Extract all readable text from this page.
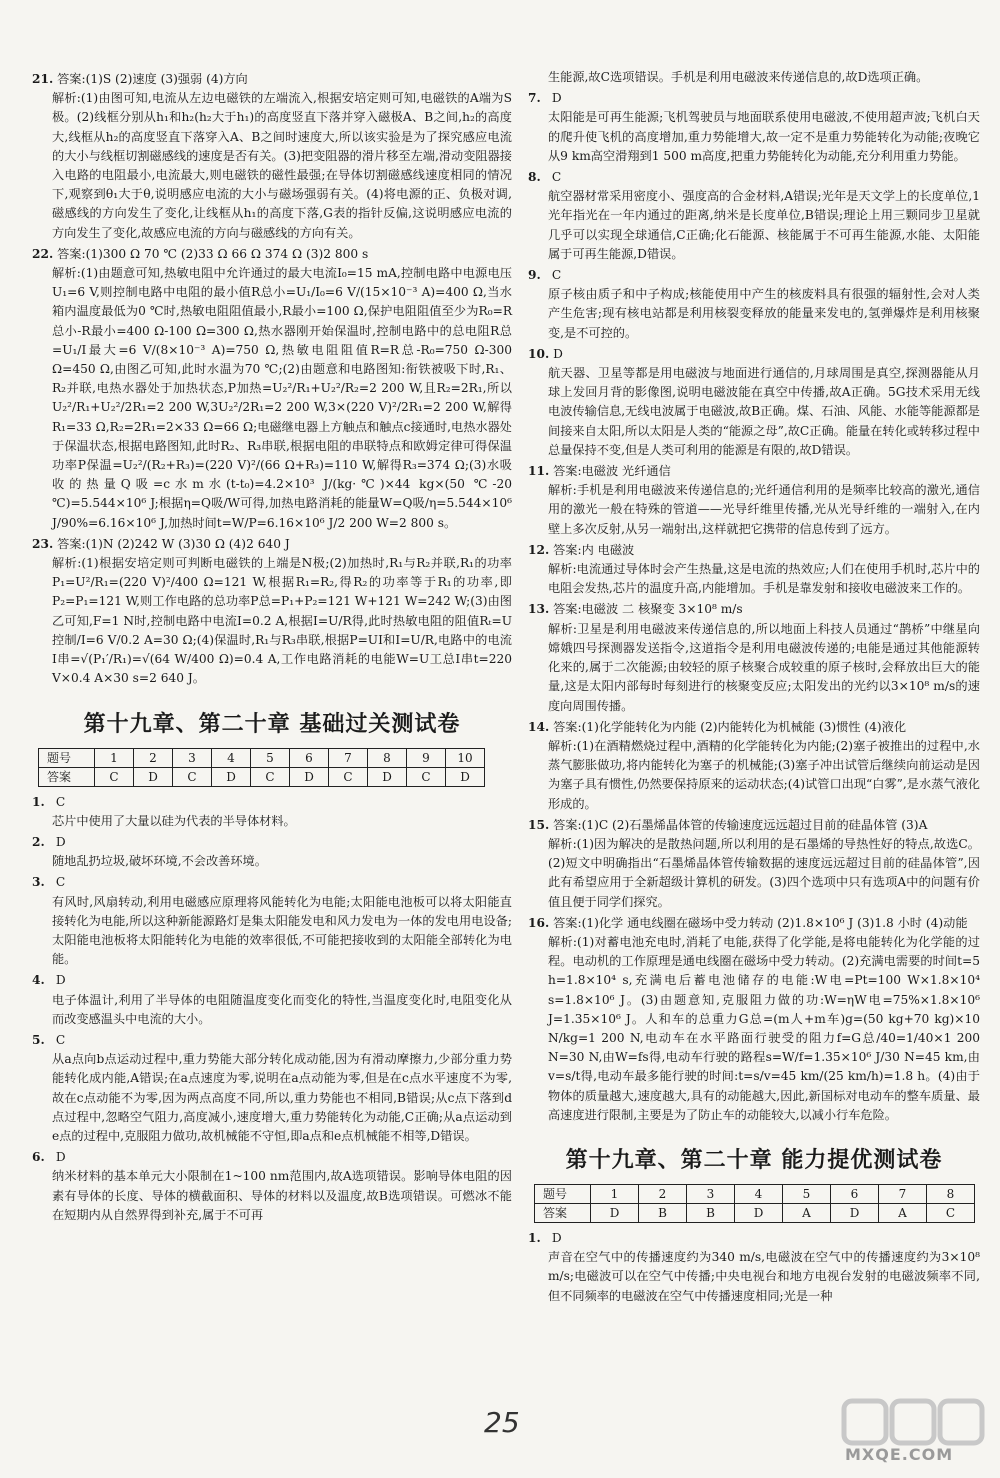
21. 答案:(1)S (2)速度 (3)强弱 (4)方向
解析:(1)由图可知,电流从左边电磁铁的左端流入,根据安培定则可知,电磁铁的A端为S极。(2)线框分别从h₁和h₂(h₂大于h₁)的高度竖直下落并穿入磁极A、B之间,h₂的高度大,线框从h₂的高度竖直下落穿入A、B之间时速度大,所以该实验是为了探究感应电流的大小与线框切割磁感线的速度是否有关。(3)把变阻器的滑片移至左端,滑动变阻器接入电路的电阻最小,电流最大,则电磁铁的磁性最强;在导体切割磁感线速度相同的情况下,观察到θ₁大于θ,说明感应电流的大小与磁场强弱有关。(4)将电源的正、负极对调,磁感线的方向发生了变化,让线框从h₁的高度下落,G表的指针反偏,这说明感应电流的方向发生了变化,故感应电流的方向与磁感线的方向有关。
22. 答案:(1)300 Ω 70 ℃ (2)33 Ω 66 Ω 374 Ω (3)2 800 s
解析:(1)由题意可知,热敏电阻中允许通过的最大电流I₀=15 mA,控制电路中电源电压U₁=6 V,则控制电路中电阻的最小值R总小=U₁/I₀=6 V/(15×10⁻³ A)=400 Ω,当水箱内温度最低为0 ℃时,热敏电阻阻值最小,R最小=100 Ω,保护电阻阻值至少为R₀=R总小-R最小=400 Ω-100 Ω=300 Ω,热水器刚开始保温时,控制电路中的总电阻R总=U₁/I最大=6 V/(8×10⁻³ A)=750 Ω,热敏电阻阻值R=R总-R₀=750 Ω-300 Ω=450 Ω,由图乙可知,此时水温为70 ℃;(2)由题意和电路图知:衔铁被吸下时,R₁、R₂并联,电热水器处于加热状态,P加热=U₂²/R₁+U₂²/R₂=2 200 W,且R₂=2R₁,所以U₂²/R₁+U₂²/2R₁=2 200 W,3U₂²/2R₁=2 200 W,3×(220 V)²/2R₁=2 200 W,解得R₁=33 Ω,R₂=2R₁=2×33 Ω=66 Ω;电磁继电器上方触点和触点c接通时,电热水器处于保温状态,根据电路图知,此时R₂、R₃串联,根据电阻的串联特点和欧姆定律可得保温功率P保温=U₂²/(R₂+R₃)=(220 V)²/(66 Ω+R₃)=110 W,解得R₃=374 Ω;(3)水吸收的热量Q吸=c水m水(t-t₀)=4.2×10³ J/(kg·℃)×44 kg×(50 ℃-20 ℃)=5.544×10⁶ J;根据η=Q吸/W可得,加热电路消耗的能量W=Q吸/η=5.544×10⁶ J/90%=6.16×10⁶ J,加热时间t=W/P=6.16×10⁶ J/2 200 W=2 800 s。
23. 答案:(1)N (2)242 W (3)30 Ω (4)2 640 J
解析:(1)根据安培定则可判断电磁铁的上端是N极;(2)加热时,R₁与R₂并联,R₁的功率P₁=U²/R₁=(220 V)²/400 Ω=121 W,根据R₁=R₂,得R₂的功率等于R₁的功率,即P₂=P₁=121 W,则工作电路的总功率P总=P₁+P₂=121 W+121 W=242 W;(3)由图乙可知,F=1 N时,控制电路中电流I=0.2 A,根据I=U/R得,此时热敏电阻的阻值Rₜ=U控制/I=6 V/0.2 A=30 Ω;(4)保温时,R₁与R₃串联,根据P=UI和I=U/R,电路中的电流I串=√(P₁′/R₁)=√(64 W/400 Ω)=0.4 A,工作电路消耗的电能W=U工总I串t=220 V×0.4 A×30 s=2 640 J。
第十九章、第二十章 基础过关测试卷
题号	1	2	3	4	5	6	7	8	9	10
答案	C	D	C	D	C	D	C	D	C	D
1. C
芯片中使用了大量以硅为代表的半导体材料。
2. D
随地乱扔垃圾,破坏环境,不会改善环境。
3. C
有风时,风扇转动,利用电磁感应原理将风能转化为电能;太阳能电池板可以将太阳能直接转化为电能,所以这种新能源路灯是集太阳能发电和风力发电为一体的发电用电设备;太阳能电池板将太阳能转化为电能的效率很低,不可能把接收到的太阳能全部转化为电能。
4. D
电子体温计,利用了半导体的电阻随温度变化而变化的特性,当温度变化时,电阻变化从而改变感温头中电流的大小。
5. C
从a点向b点运动过程中,重力势能大部分转化成动能,因为有滑动摩擦力,少部分重力势能转化成内能,A错误;在a点速度为零,说明在a点动能为零,但是在c点水平速度不为零,故在c点动能不为零,因为两点高度不同,所以,重力势能也不相同,B错误;从c点下落到d点过程中,忽略空气阻力,高度减小,速度增大,重力势能转化为动能,C正确;从a点运动到e点的过程中,克服阻力做功,故机械能不守恒,即a点和e点机械能不相等,D错误。
6. D
纳米材料的基本单元大小限制在1~100 nm范围内,故A选项错误。影响导体电阻的因素有导体的长度、导体的横截面积、导体的材料以及温度,故B选项错误。可燃冰不能在短期内从自然界得到补充,属于不可再
生能源,故C选项错误。手机是利用电磁波来传递信息的,故D选项正确。
7. D
太阳能是可再生能源;飞机驾驶员与地面联系使用电磁波,不使用超声波;飞机白天的爬升使飞机的高度增加,重力势能增大,故一定不是重力势能转化为动能;夜晚它从9 km高空滑翔到1 500 m高度,把重力势能转化为动能,充分利用重力势能。
8. C
航空器材常采用密度小、强度高的合金材料,A错误;光年是天文学上的长度单位,1光年指光在一年内通过的距离,纳米是长度单位,B错误;理论上用三颗同步卫星就几乎可以实现全球通信,C正确;化石能源、核能属于不可再生能源,水能、太阳能属于可再生能源,D错误。
9. C
原子核由质子和中子构成;核能使用中产生的核废料具有很强的辐射性,会对人类产生危害;现有核电站都是利用核裂变释放的能量来发电的,氢弹爆炸是利用核聚变,是不可控的。
10. D
航天器、卫星等都是用电磁波与地面进行通信的,月球周围是真空,探测器能从月球上发回月背的影像图,说明电磁波能在真空中传播,故A正确。5G技术采用无线电波传输信息,无线电波属于电磁波,故B正确。煤、石油、风能、水能等能源都是间接来自太阳,所以太阳是人类的“能源之母”,故C正确。能量在转化或转移过程中总量保持不变,但是人类可利用的能源是有限的,故D错误。
11. 答案:电磁波 光纤通信
解析:手机是利用电磁波来传递信息的;光纤通信利用的是频率比较高的激光,通信用的激光一般在特殊的管道——光导纤维里传播,光从光导纤维的一端射入,在内壁上多次反射,从另一端射出,这样就把它携带的信息传到了远方。
12. 答案:内 电磁波
解析:电流通过导体时会产生热量,这是电流的热效应;人们在使用手机时,芯片中的电阻会发热,芯片的温度升高,内能增加。手机是靠发射和接收电磁波来工作的。
13. 答案:电磁波 二 核聚变 3×10⁸ m/s
解析:卫星是利用电磁波来传递信息的,所以地面上科技人员通过“鹊桥”中继星向嫦娥四号探测器发送指令,这道指令是利用电磁波传递的;电能是通过其他能源转化来的,属于二次能源;由较轻的原子核聚合成较重的原子核时,会释放出巨大的能量,这是太阳内部每时每刻进行的核聚变反应;太阳发出的光约以3×10⁸ m/s的速度向周围传播。
14. 答案:(1)化学能转化为内能 (2)内能转化为机械能 (3)惯性 (4)液化
解析:(1)在酒精燃烧过程中,酒精的化学能转化为内能;(2)塞子被推出的过程中,水蒸气膨胀做功,将内能转化为塞子的机械能;(3)塞子冲出试管后继续向前运动是因为塞子具有惯性,仍然要保持原来的运动状态;(4)试管口出现“白雾”,是水蒸气液化形成的。
15. 答案:(1)C (2)石墨烯晶体管的传输速度远远超过目前的硅晶体管 (3)A
解析:(1)因为解决的是散热问题,所以利用的是石墨烯的导热性好的特点,故选C。(2)短文中明确指出“石墨烯晶体管传输数据的速度远远超过目前的硅晶体管”,因此有希望应用于全新超级计算机的研发。(3)四个选项中只有选项A中的问题有价值且便于同学们探究。
16. 答案:(1)化学 通电线圈在磁场中受力转动 (2)1.8×10⁶ J (3)1.8 小时 (4)动能
解析:(1)对蓄电池充电时,消耗了电能,获得了化学能,是将电能转化为化学能的过程。电动机的工作原理是通电线圈在磁场中受力转动。(2)充满电需要的时间t=5 h=1.8×10⁴ s,充满电后蓄电池储存的电能:W电=Pt=100 W×1.8×10⁴ s=1.8×10⁶ J。(3)由题意知,克服阻力做的功:W=ηW电=75%×1.8×10⁶ J=1.35×10⁶ J。人和车的总重力G总=(m人+m车)g=(50 kg+70 kg)×10 N/kg=1 200 N,电动车在水平路面行驶受的阻力f=G总/40=1/40×1 200 N=30 N,由W=fs得,电动车行驶的路程s=W/f=1.35×10⁶ J/30 N=45 km,由v=s/t得,电动车最多能行驶的时间:t=s/v=45 km/(25 km/h)=1.8 h。(4)由于物体的质量越大,速度越大,具有的动能越大,因此,新国标对电动车的整车质量、最高速度进行限制,主要是为了防止车的动能较大,以减小行车危险。
第十九章、第二十章 能力提优测试卷
题号	1	2	3	4	5	6	7	8
答案	D	B	B	D	A	D	A	C
1. D
声音在空气中的传播速度约为340 m/s,电磁波在空气中的传播速度约为3×10⁸ m/s;电磁波可以在空气中传播;中央电视台和地方电视台发射的电磁波频率不同,但不同频率的电磁波在空气中传播速度相同;光是一种
25
MXQE.COM
